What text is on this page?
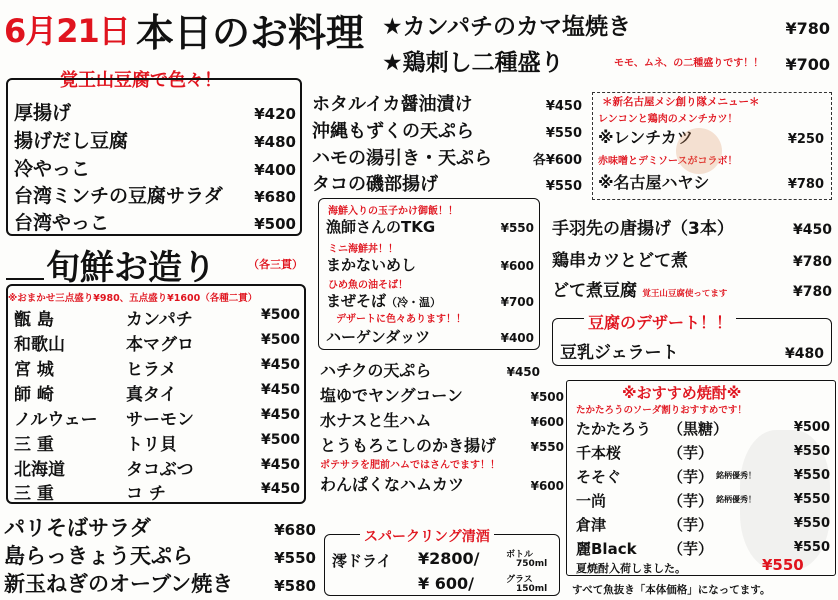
6月21日 本日のお料理 ★カンパチのカマ塩焼き	¥780
★鶏刺し二種盛り	モモ、ムネ、の二種盛りです！！ ¥700
覚王山豆腐で色々！
厚揚げ	¥420
揚げだし豆腐	¥480
冷やっこ	¥400
台湾ミンチの豆腐サラダ ¥680
台湾やっこ	¥500
旬鮮お造り	（各三貫）
※おまかせ三点盛り¥980、五点盛り¥1600（各種二貫）
甑 島	カンパチ	¥500
和歌山	本マグロ	¥500
宮 城	ヒラメ	¥450
師 崎	真タイ	¥450
ノルウェー サーモン	¥450
三 重	トリ貝	¥500
北海道	タコぶつ	¥450
三 重	コ チ	¥450
パリそばサラダ	¥680
島らっきょう天ぷら	¥550
新玉ねぎのオーブン焼き	¥580
ホタルイカ醤油漬け	¥450
沖縄もずくの天ぷら	¥550
ハモの湯引き・天ぷら	各¥600
タコの磯部揚げ	¥550
海鮮入りの玉子かけ御飯！！
漁師さんのTKG	¥550
ミニ海鮮丼！！
まかないめし	¥600
ひめ魚の油そば！
まぜそば（冷・温）	¥700
デザートに色々あります！！
ハーゲンダッツ	¥400
ハチクの天ぷら	¥450
塩ゆでヤングコーン	¥500
水ナスと生ハム	¥600
とうもろこしのかき揚げ	¥550
ポテサラを肥前ハムではさんでます！！
わんぱくなハムカツ	¥600
スパークリング清酒
澪ドライ ¥2800/	ボトル
750ml
¥ 600/	グラス
150ml
＊新名古屋メシ創り隊メニュー＊
レンコンと鶏肉のメンチカツ！
※レンチカツ	¥250
赤味噌とデミソースがコラボ！
※名古屋ハヤシ	¥780
手羽先の唐揚げ（3本）	¥450
鶏串カツとどて煮	¥780
どて煮豆腐 覚王山豆腐使ってます	¥780
豆腐のデザート！！
豆乳ジェラート	¥480
※おすすめ焼酎※
たかたろうのソーダ割りおすすめです！
たかたろう （黒糖）	¥500
千本桜	（芋）	¥550
そそぐ	（芋） 銘柄優秀！	¥550
一尚	（芋） 銘柄優秀！	¥550
倉津	（芋）	¥550
麗Black （芋）	¥550
夏焼酎入荷しました。	¥550
すべて魚抜き「本体価格」になってます。
